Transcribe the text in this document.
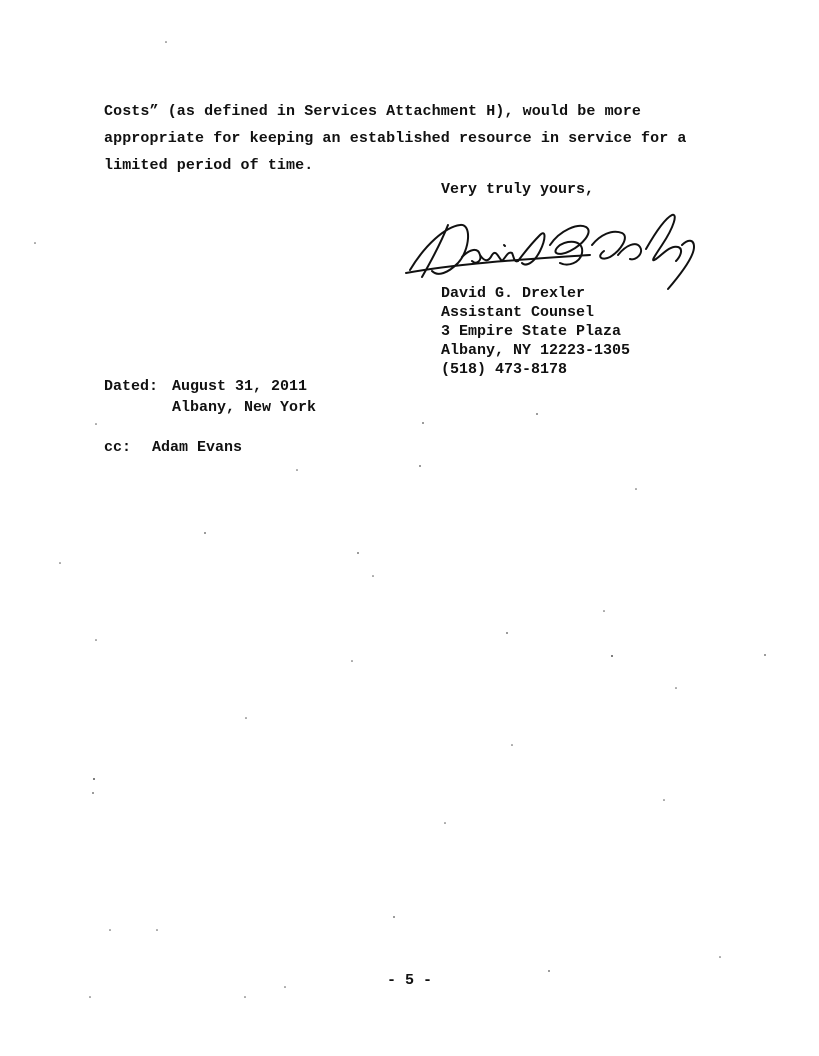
Costs” (as defined in Services Attachment H), would be more
appropriate for keeping an established resource in service for a
limited period of time.
Very truly yours,
David G. Drexler
Assistant Counsel
3 Empire State Plaza
Albany, NY 12223-1305
(518) 473-8178
Dated: August 31, 2011
Albany, New York
cc: Adam Evans
- 5 -
